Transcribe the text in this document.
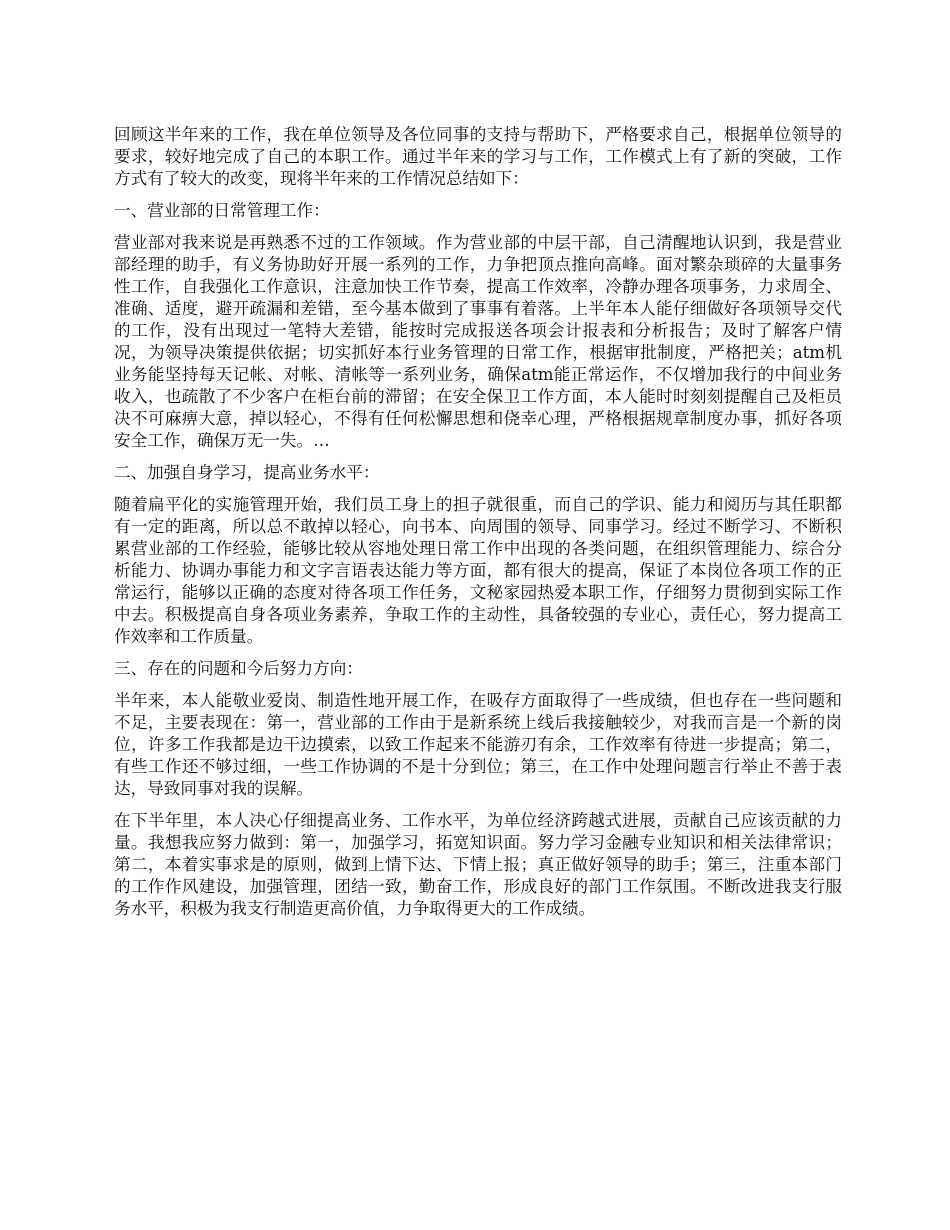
回顾这半年来的工作，我在单位领导及各位同事的支持与帮助下，严格要求自己，根据单位领导的要求，较好地完成了自己的本职工作。通过半年来的学习与工作，工作模式上有了新的突破，工作方式有了较大的改变，现将半年来的工作情况总结如下：

一、营业部的日常管理工作：

营业部对我来说是再熟悉不过的工作领域。作为营业部的中层干部，自己清醒地认识到，我是营业部经理的助手，有义务协助好开展一系列的工作，力争把顶点推向高峰。面对繁杂琐碎的大量事务性工作，自我强化工作意识，注意加快工作节奏，提高工作效率，冷静办理各项事务，力求周全、准确、适度，避开疏漏和差错，至今基本做到了事事有着落。上半年本人能仔细做好各项领导交代的工作，没有出现过一笔特大差错，能按时完成报送各项会计报表和分析报告；及时了解客户情况，为领导决策提供依据；切实抓好本行业务管理的日常工作，根据审批制度，严格把关；atm机业务能坚持每天记帐、对帐、清帐等一系列业务，确保atm能正常运作，不仅增加我行的中间业务收入，也疏散了不少客户在柜台前的滞留；在安全保卫工作方面，本人能时时刻刻提醒自己及柜员决不可麻痹大意，掉以轻心，不得有任何松懈思想和侥幸心理，严格根据规章制度办事，抓好各项安全工作，确保万无一失。…

二、加强自身学习，提高业务水平：

随着扁平化的实施管理开始，我们员工身上的担子就很重，而自己的学识、能力和阅历与其任职都有一定的距离，所以总不敢掉以轻心，向书本、向周围的领导、同事学习。经过不断学习、不断积累营业部的工作经验，能够比较从容地处理日常工作中出现的各类问题，在组织管理能力、综合分析能力、协调办事能力和文字言语表达能力等方面，都有很大的提高，保证了本岗位各项工作的正常运行，能够以正确的态度对待各项工作任务，文秘家园热爱本职工作，仔细努力贯彻到实际工作中去。积极提高自身各项业务素养，争取工作的主动性，具备较强的专业心，责任心，努力提高工作效率和工作质量。

三、存在的问题和今后努力方向：

半年来，本人能敬业爱岗、制造性地开展工作，在吸存方面取得了一些成绩，但也存在一些问题和不足，主要表现在：第一，营业部的工作由于是新系统上线后我接触较少，对我而言是一个新的岗位，许多工作我都是边干边摸索，以致工作起来不能游刃有余，工作效率有待进一步提高；第二，有些工作还不够过细，一些工作协调的不是十分到位；第三，在工作中处理问题言行举止不善于表达，导致同事对我的误解。

在下半年里，本人决心仔细提高业务、工作水平，为单位经济跨越式进展，贡献自己应该贡献的力量。我想我应努力做到：第一，加强学习，拓宽知识面。努力学习金融专业知识和相关法律常识；第二，本着实事求是的原则，做到上情下达、下情上报；真正做好领导的助手；第三，注重本部门的工作作风建设，加强管理，团结一致，勤奋工作，形成良好的部门工作氛围。不断改进我支行服务水平，积极为我支行制造更高价值，力争取得更大的工作成绩。
